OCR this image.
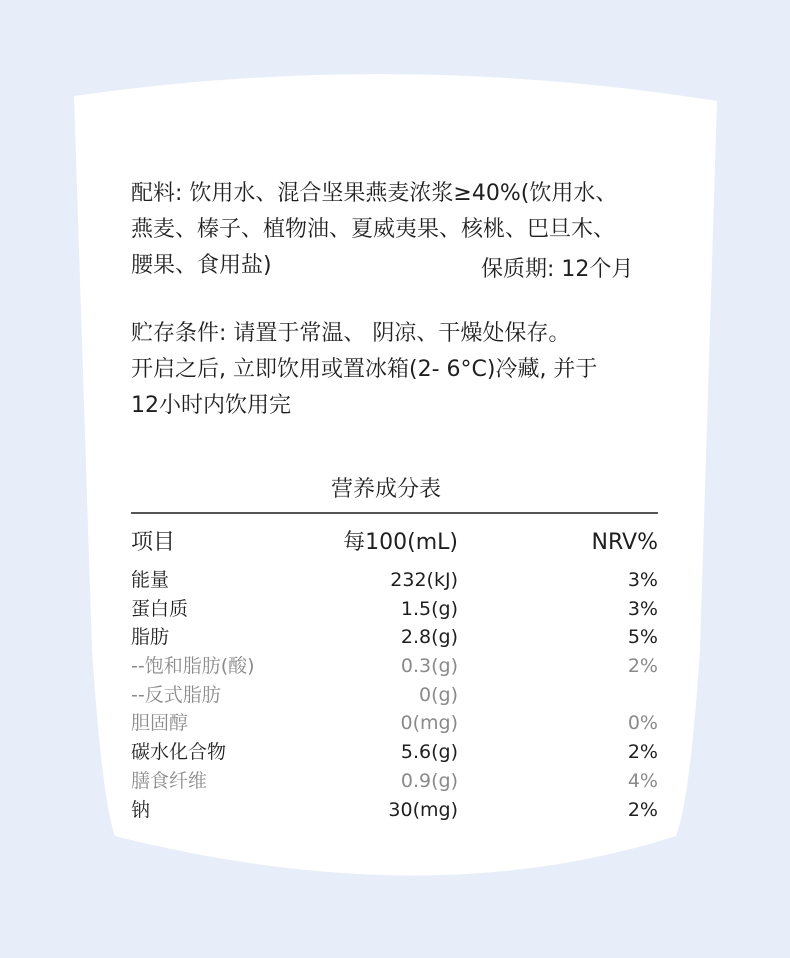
配料: 饮用水、混合坚果燕麦浓浆≥40%(饮用水、
燕麦、榛子、植物油、夏威夷果、核桃、巴旦木、
腰果、食用盐)	保质期: 12个月
贮存条件: 请置于常温、 阴凉、干燥处保存。
开启之后, 立即饮用或置冰箱(2- 6°C)冷藏, 并于
12小时内饮用完
营养成分表
项目	每100(mL)	NRV%
能量	232(kJ)	3%
蛋白质	1.5(g)	3%
脂肪	2.8(g)	5%
--饱和脂肪(酸)	0.3(g)	2%
--反式脂肪	0(g)
胆固醇	0(mg)	0%
碳水化合物	5.6(g)	2%
膳食纤维	0.9(g)	4%
钠	30(mg)	2%
